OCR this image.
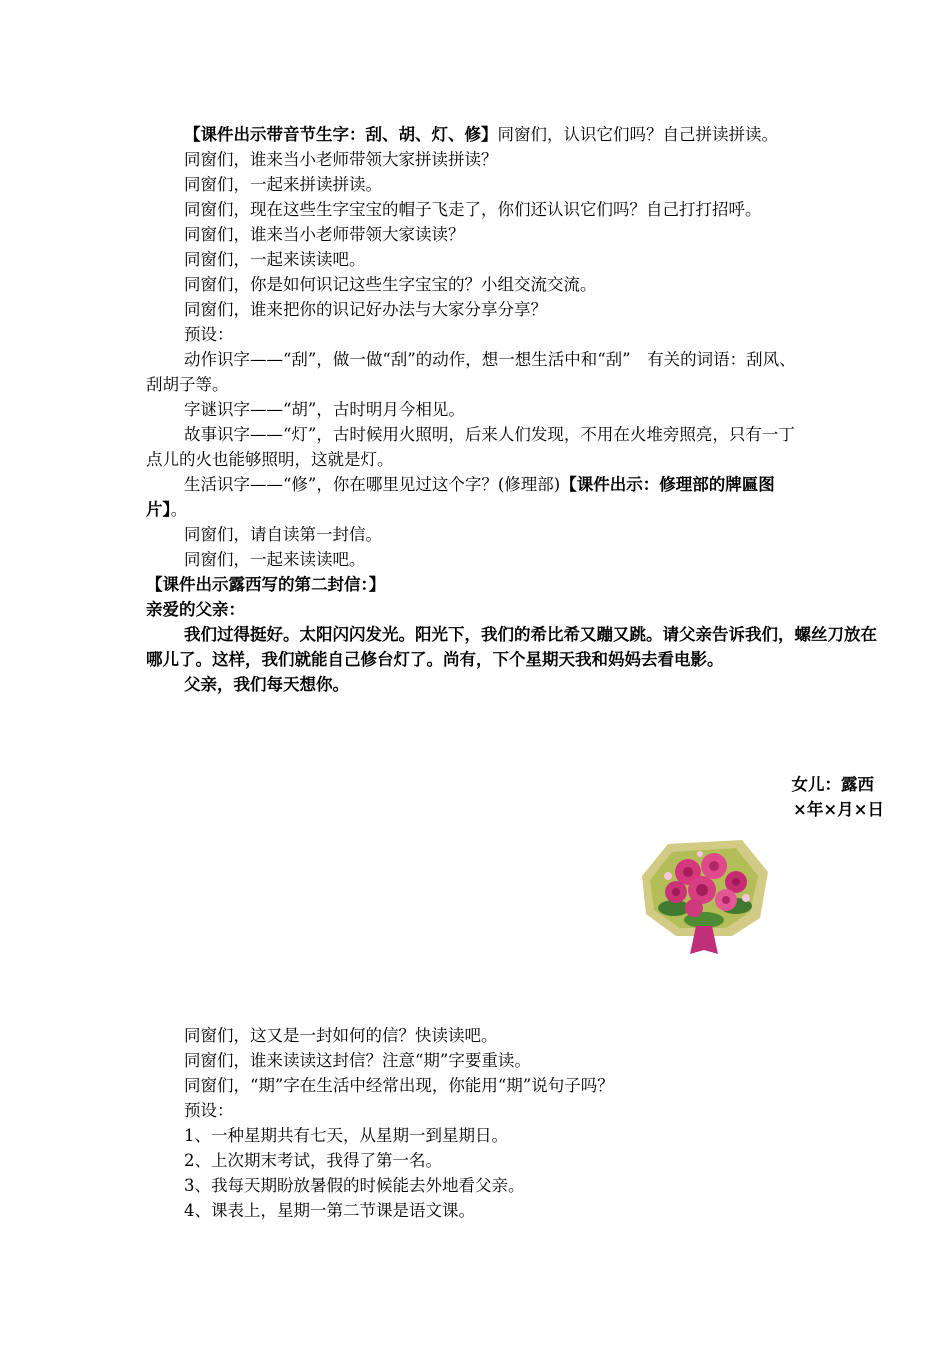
【课件出示带音节生字：刮、胡、灯、修】同窗们，认识它们吗？自己拼读拼读。

同窗们，谁来当小老师带领大家拼读拼读？

同窗们，一起来拼读拼读。

同窗们，现在这些生字宝宝的帽子飞走了，你们还认识它们吗？自己打打招呼。

同窗们，谁来当小老师带领大家读读？

同窗们，一起来读读吧。

同窗们，你是如何识记这些生字宝宝的？小组交流交流。

同窗们，谁来把你的识记好办法与大家分享分享？

预设：

动作识字——“刮”，做一做“刮”的动作，想一想生活中和“刮”　有关的词语：刮风、刮胡子等。

字谜识字——“胡”，古时明月今相见。

故事识字——“灯”，古时候用火照明，后来人们发现，不用在火堆旁照亮，只有一丁点儿的火也能够照明，这就是灯。

生活识字——“修”，你在哪里见过这个字？(修理部)【课件出示：修理部的牌匾图片】。

同窗们，请自读第一封信。

同窗们，一起来读读吧。

【课件出示露西写的第二封信：】

亲爱的父亲：

我们过得挺好。太阳闪闪发光。阳光下，我们的希比希又蹦又跳。请父亲告诉我们，螺丝刀放在哪儿了。这样，我们就能自己修台灯了。尚有，下个星期天我和妈妈去看电影。

父亲，我们每天想你。

女儿：露西
×年×月×日

同窗们，这又是一封如何的信？快读读吧。

同窗们，谁来读读这封信？注意“期”字要重读。

同窗们，“期”字在生活中经常出现，你能用“期”说句子吗？

预设：

1、一种星期共有七天，从星期一到星期日。

2、上次期末考试，我得了第一名。

3、我每天期盼放暑假的时候能去外地看父亲。

4、课表上，星期一第二节课是语文课。
